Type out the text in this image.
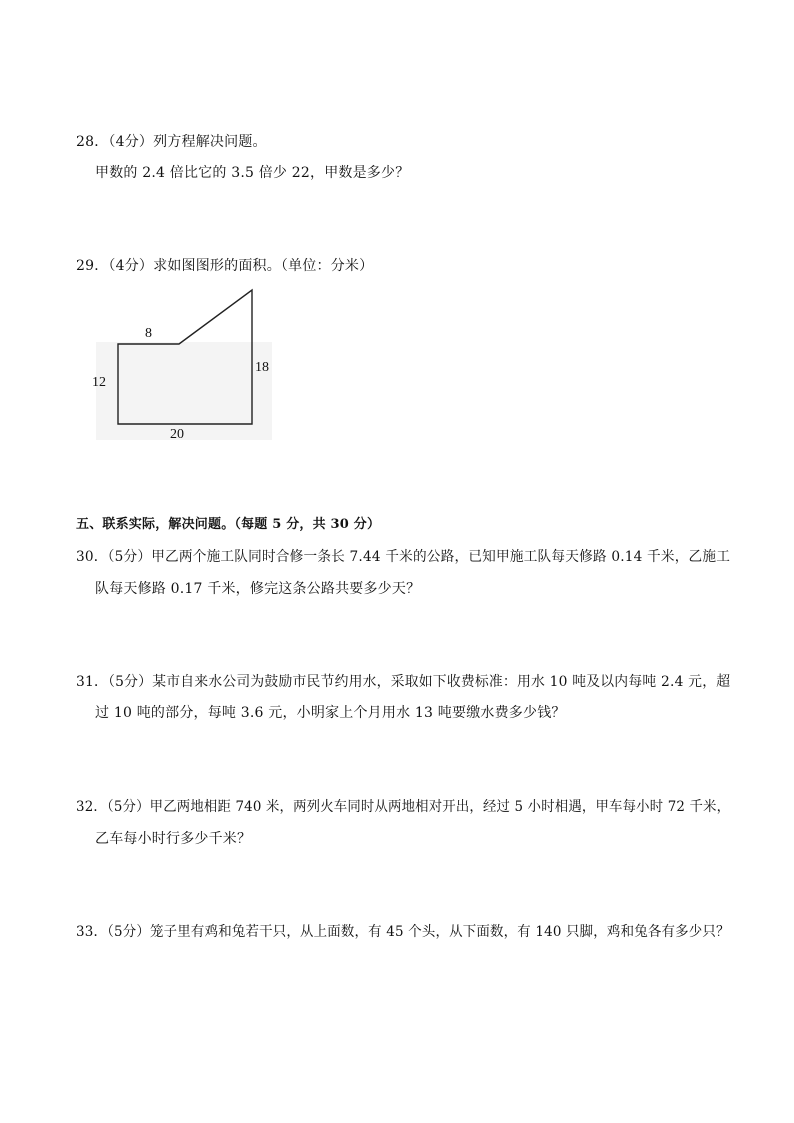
28．（4分）列方程解决问题。
甲数的 2.4 倍比它的 3.5 倍少 22，甲数是多少？
29．（4分）求如图图形的面积。（单位：分米）
8
12
18
20
五、联系实际，解决问题。（每题 5 分，共 30 分）
30．（5分）甲乙两个施工队同时合修一条长 7.44 千米的公路，已知甲施工队每天修路 0.14 千米，乙施工
队每天修路 0.17 千米，修完这条公路共要多少天？
31．（5分）某市自来水公司为鼓励市民节约用水，采取如下收费标准：用水 10 吨及以内每吨 2.4 元，超
过 10 吨的部分，每吨 3.6 元，小明家上个月用水 13 吨要缴水费多少钱？
32．（5分）甲乙两地相距 740 米，两列火车同时从两地相对开出，经过 5 小时相遇，甲车每小时 72 千米，
乙车每小时行多少千米？
33．（5分）笼子里有鸡和兔若干只，从上面数，有 45 个头，从下面数，有 140 只脚，鸡和兔各有多少只？
